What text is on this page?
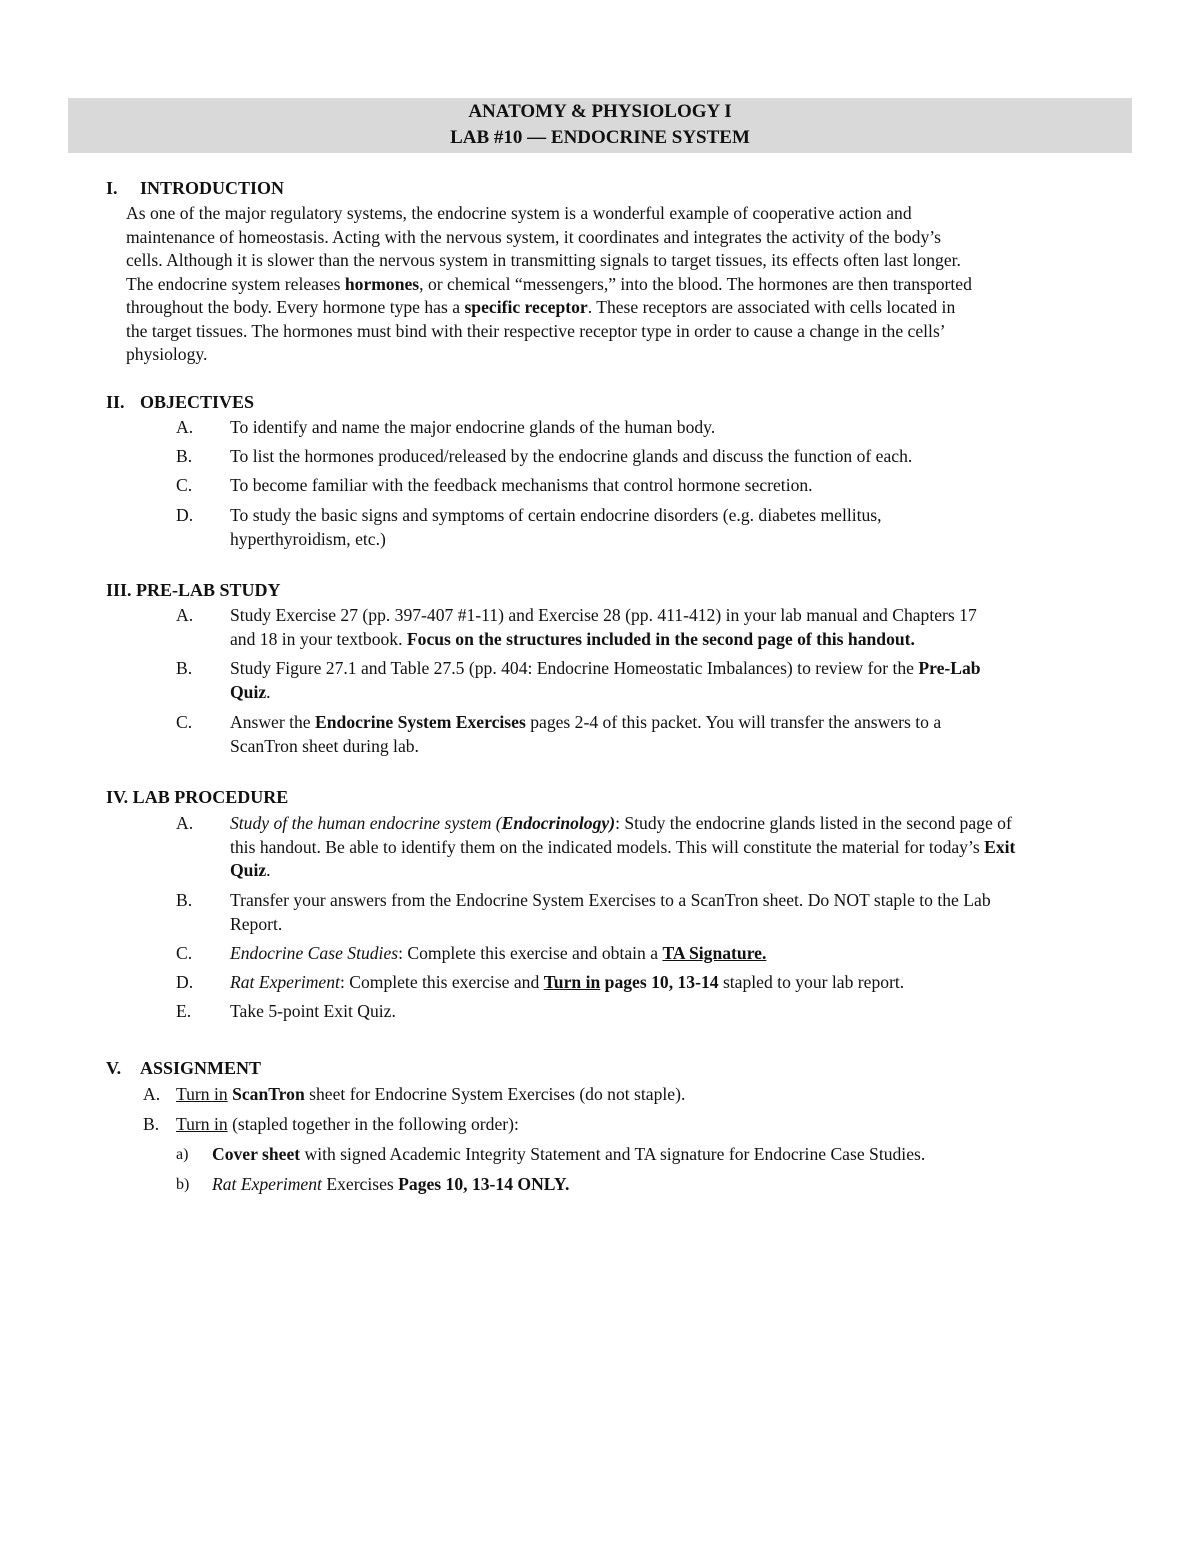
ANATOMY & PHYSIOLOGY I
LAB #10 — ENDOCRINE SYSTEM
I. INTRODUCTION
As one of the major regulatory systems, the endocrine system is a wonderful example of cooperative action and
maintenance of homeostasis. Acting with the nervous system, it coordinates and integrates the activity of the body’s
cells. Although it is slower than the nervous system in transmitting signals to target tissues, its effects often last longer.
The endocrine system releases hormones, or chemical “messengers,” into the blood. The hormones are then transported
throughout the body. Every hormone type has a specific receptor. These receptors are associated with cells located in
the target tissues. The hormones must bind with their respective receptor type in order to cause a change in the cells’
physiology.
II. OBJECTIVES
A. To identify and name the major endocrine glands of the human body.
B. To list the hormones produced/released by the endocrine glands and discuss the function of each.
C. To become familiar with the feedback mechanisms that control hormone secretion.
D. To study the basic signs and symptoms of certain endocrine disorders (e.g. diabetes mellitus,
hyperthyroidism, etc.)
III. PRE-LAB STUDY
A. Study Exercise 27 (pp. 397-407 #1-11) and Exercise 28 (pp. 411-412) in your lab manual and Chapters 17
and 18 in your textbook. Focus on the structures included in the second page of this handout.
B. Study Figure 27.1 and Table 27.5 (pp. 404: Endocrine Homeostatic Imbalances) to review for the Pre-Lab
Quiz.
C. Answer the Endocrine System Exercises pages 2-4 of this packet. You will transfer the answers to a
ScanTron sheet during lab.
IV. LAB PROCEDURE
A. Study of the human endocrine system (Endocrinology): Study the endocrine glands listed in the second page of
this handout. Be able to identify them on the indicated models. This will constitute the material for today’s Exit
Quiz.
B. Transfer your answers from the Endocrine System Exercises to a ScanTron sheet. Do NOT staple to the Lab
Report.
C. Endocrine Case Studies: Complete this exercise and obtain a TA Signature.
D. Rat Experiment: Complete this exercise and Turn in pages 10, 13-14 stapled to your lab report.
E. Take 5-point Exit Quiz.
V. ASSIGNMENT
A. Turn in ScanTron sheet for Endocrine System Exercises (do not staple).
B. Turn in (stapled together in the following order):
a) Cover sheet with signed Academic Integrity Statement and TA signature for Endocrine Case Studies.
b) Rat Experiment Exercises Pages 10, 13-14 ONLY.
